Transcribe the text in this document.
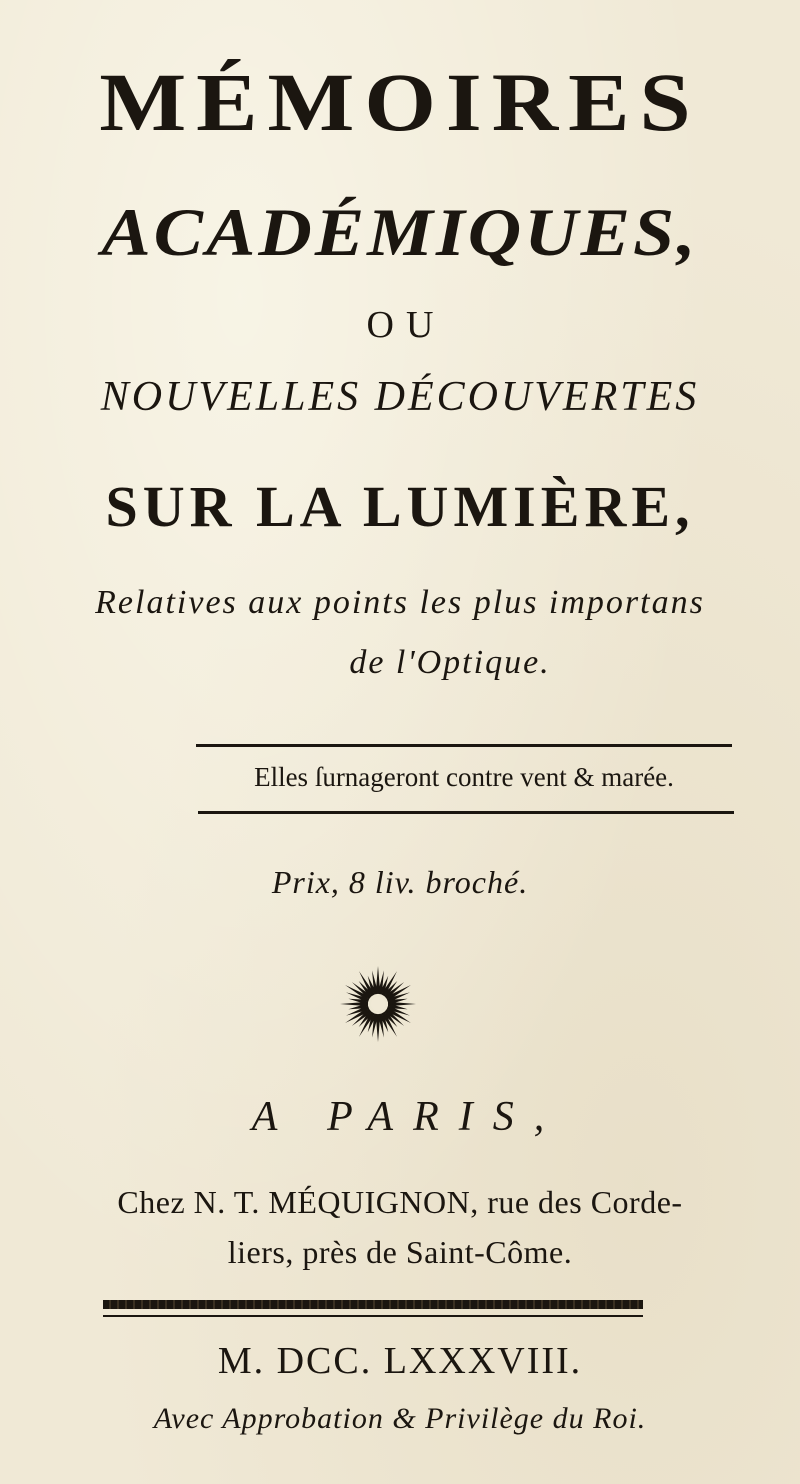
MÉMOIRES
ACADÉMIQUES,
OU
NOUVELLES DÉCOUVERTES
SUR LA LUMIÈRE,
Relatives aux points les plus importans
de l'Optique.
Elles ſurnageront contre vent & marée.
Prix, 8 liv. broché.
A PARIS,
Chez N. T. MÉQUIGNON, rue des Corde-
liers, près de Saint-Côme.
M. DCC. LXXXVIII.
Avec Approbation & Privilège du Roi.
